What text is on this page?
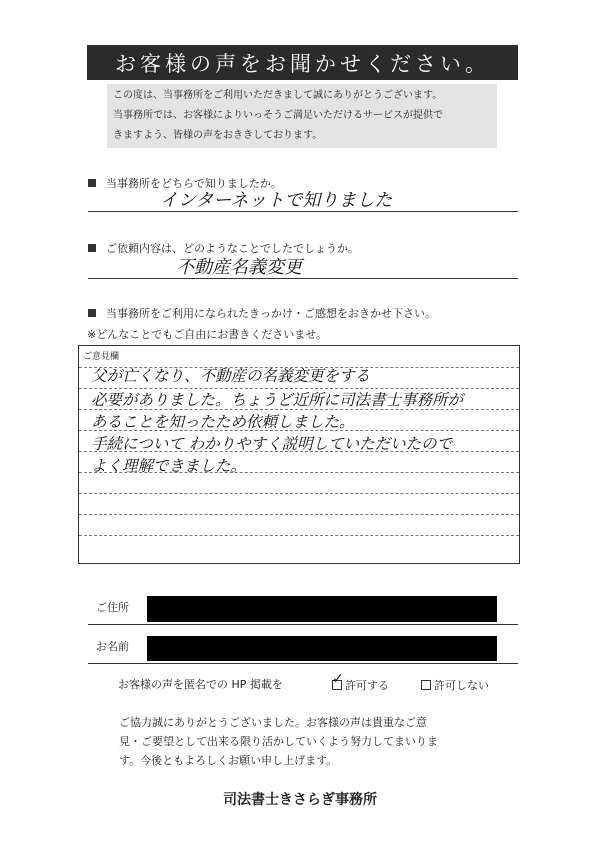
お客様の声をお聞かせください。
この度は、当事務所をご利用いただきまして誠にありがとうございます。
当事務所では、お客様によりいっそうご満足いただけるサービスが提供で
きますよう、皆様の声をおききしております。
当事務所をどちらで知りましたか。
インターネットで知りました
ご依頼内容は、どのようなことでしたでしょうか。
不動産名義変更
当事務所をご利用になられたきっかけ・ご感想をおきかせ下さい。
※どんなことでもご自由にお書きくださいませ。
ご意見欄
父が亡くなり、不動産の名義変更をする
必要がありました。ちょうど近所に司法書士事務所が
あることを知ったため依頼しました。
手続について わかりやすく説明していただいたので
よく理解できました。
ご住所
お名前
お客様の声を匿名での HP 掲載を	✓ 許可する	許可しない
ご協力誠にありがとうございました。お客様の声は貴重なご意
見・ご要望として出来る限り活かしていくよう努力してまいりま
す。今後ともよろしくお願い申し上げます。
司法書士きさらぎ事務所
